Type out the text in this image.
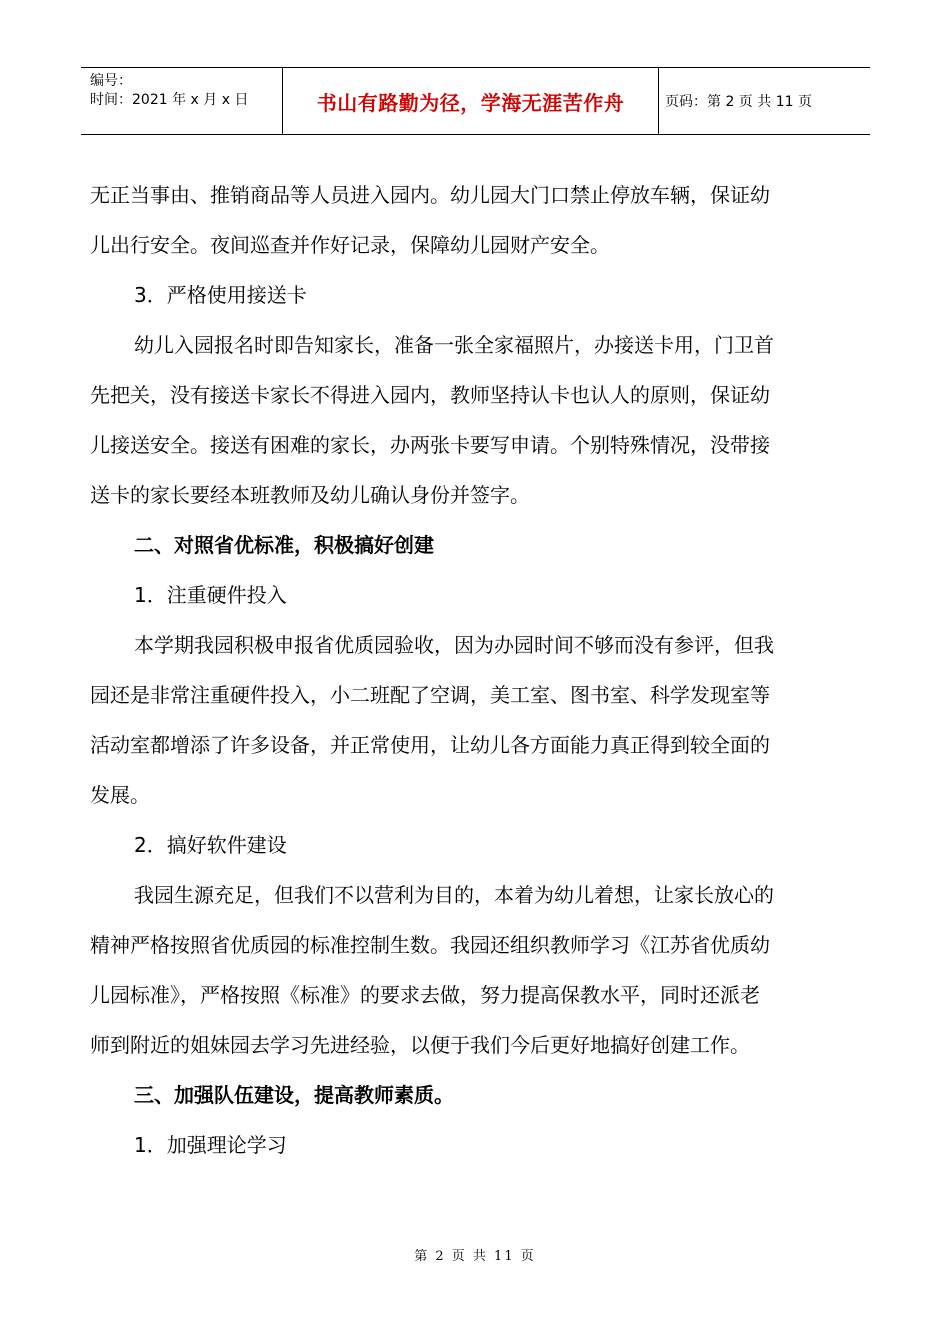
编号：
时间：2021 年 x 月 x 日	书山有路勤为径，学海无涯苦作舟	页码：第 2 页 共 11 页
无正当事由、推销商品等人员进入园内。幼儿园大门口禁止停放车辆，保证幼
儿出行安全。夜间巡查并作好记录，保障幼儿园财产安全。
3．严格使用接送卡
幼儿入园报名时即告知家长，准备一张全家福照片，办接送卡用，门卫首
先把关，没有接送卡家长不得进入园内，教师坚持认卡也认人的原则，保证幼
儿接送安全。接送有困难的家长，办两张卡要写申请。个别特殊情况，没带接
送卡的家长要经本班教师及幼儿确认身份并签字。
二、对照省优标准，积极搞好创建
1．注重硬件投入
本学期我园积极申报省优质园验收，因为办园时间不够而没有参评，但我
园还是非常注重硬件投入，小二班配了空调，美工室、图书室、科学发现室等
活动室都增添了许多设备，并正常使用，让幼儿各方面能力真正得到较全面的
发展。
2．搞好软件建设
我园生源充足，但我们不以营利为目的，本着为幼儿着想，让家长放心的
精神严格按照省优质园的标准控制生数。我园还组织教师学习《江苏省优质幼
儿园标准》，严格按照《标准》的要求去做，努力提高保教水平，同时还派老
师到附近的姐妹园去学习先进经验，以便于我们今后更好地搞好创建工作。
三、加强队伍建设，提高教师素质。
1．加强理论学习
第 2 页 共 11 页
